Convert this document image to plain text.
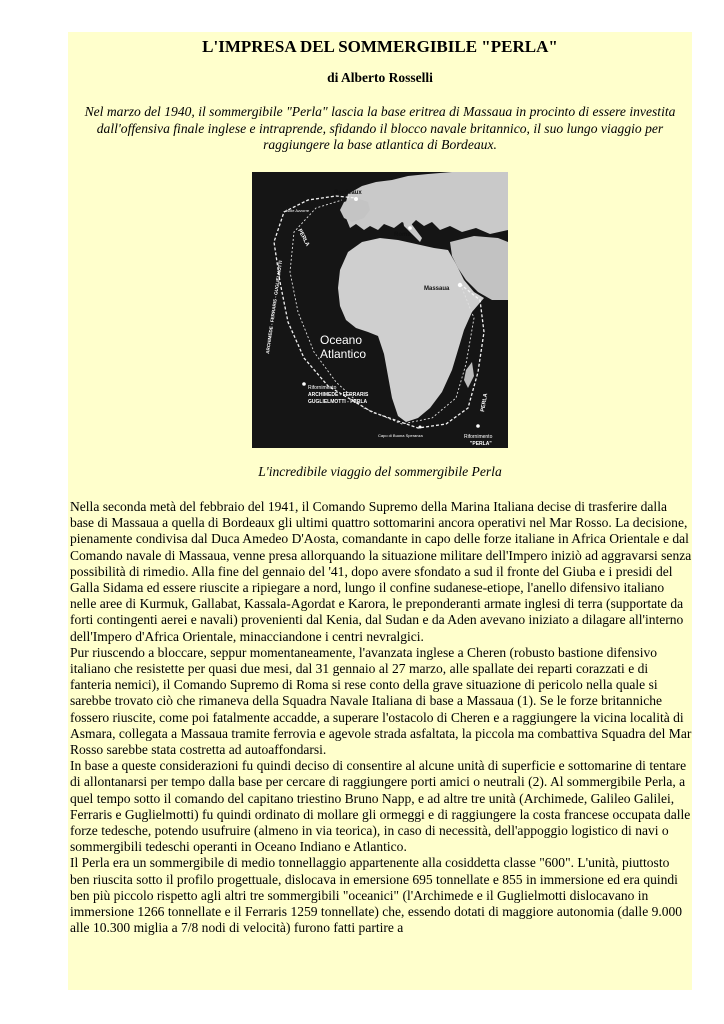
L'IMPRESA DEL SOMMERGIBILE "PERLA"
di Alberto Rosselli
Nel marzo del 1940, il sommergibile "Perla" lascia la base eritrea di Massaua in procinto di essere investita dall'offensiva finale inglese e intraprende, sfidando il blocco navale britannico, il suo lungo viaggio per raggiungere la base atlantica di Bordeaux.
Bordeaux
Isole Azzorre
Roma
Massaua
Oceano
Atlantico
PERLA
ARCHIMEDE - FERRARIS - GUGLIELMOTTI
Rifornimento
ARCHIMEDE - FERRARIS
GUGLIELMOTTI - PERLA	PERLA
Capo di Buona Speranza	Rifornimento
"PERLA"
L'incredibile viaggio del sommergibile Perla

Nella seconda metà del febbraio del 1941, il Comando Supremo della Marina Italiana decise di trasferire dalla base di Massaua a quella di Bordeaux gli ultimi quattro sottomarini ancora operativi nel Mar Rosso. La decisione, pienamente condivisa dal Duca Amedeo D'Aosta, comandante in capo delle forze italiane in Africa Orientale e dal Comando navale di Massaua, venne presa allorquando la situazione militare dell'Impero iniziò ad aggravarsi senza possibilità di rimedio. Alla fine del gennaio del '41, dopo avere sfondato a sud il fronte del Giuba e i presidi del Galla Sidama ed essere riuscite a ripiegare a nord, lungo il confine sudanese-etiope, l'anello difensivo italiano nelle aree di Kurmuk, Gallabat, Kassala-Agordat e Karora, le preponderanti armate inglesi di terra (supportate da forti contingenti aerei e navali) provenienti dal Kenia, dal Sudan e da Aden avevano iniziato a dilagare all'interno dell'Impero d'Africa Orientale, minacciandone i centri nevralgici.

Pur riuscendo a bloccare, seppur momentaneamente, l'avanzata inglese a Cheren (robusto bastione difensivo italiano che resistette per quasi due mesi, dal 31 gennaio al 27 marzo, alle spallate dei reparti corazzati e di fanteria nemici), il Comando Supremo di Roma si rese conto della grave situazione di pericolo nella quale si sarebbe trovato ciò che rimaneva della Squadra Navale Italiana di base a Massaua (1). Se le forze britanniche fossero riuscite, come poi fatalmente accadde, a superare l'ostacolo di Cheren e a raggiungere la vicina località di Asmara, collegata a Massaua tramite ferrovia e agevole strada asfaltata, la piccola ma combattiva Squadra del Mar Rosso sarebbe stata costretta ad autoaffondarsi.

In base a queste considerazioni fu quindi deciso di consentire al alcune unità di superficie e sottomarine di tentare di allontanarsi per tempo dalla base per cercare di raggiungere porti amici o neutrali (2). Al sommergibile Perla, a quel tempo sotto il comando del capitano triestino Bruno Napp, e ad altre tre unità (Archimede, Galileo Galilei, Ferraris e Guglielmotti) fu quindi ordinato di mollare gli ormeggi e di raggiungere la costa francese occupata dalle forze tedesche, potendo usufruire (almeno in via teorica), in caso di necessità, dell'appoggio logistico di navi o sommergibili tedeschi operanti in Oceano Indiano e Atlantico.

Il Perla era un sommergibile di medio tonnellaggio appartenente alla cosiddetta classe "600". L'unità, piuttosto ben riuscita sotto il profilo progettuale, dislocava in emersione 695 tonnellate e 855 in immersione ed era quindi ben più piccolo rispetto agli altri tre sommergibili "oceanici" (l'Archimede e il Guglielmotti dislocavano in immersione 1266 tonnellate e il Ferraris 1259 tonnellate) che, essendo dotati di maggiore autonomia (dalle 9.000 alle 10.300 miglia a 7/8 nodi di velocità) furono fatti partire a
